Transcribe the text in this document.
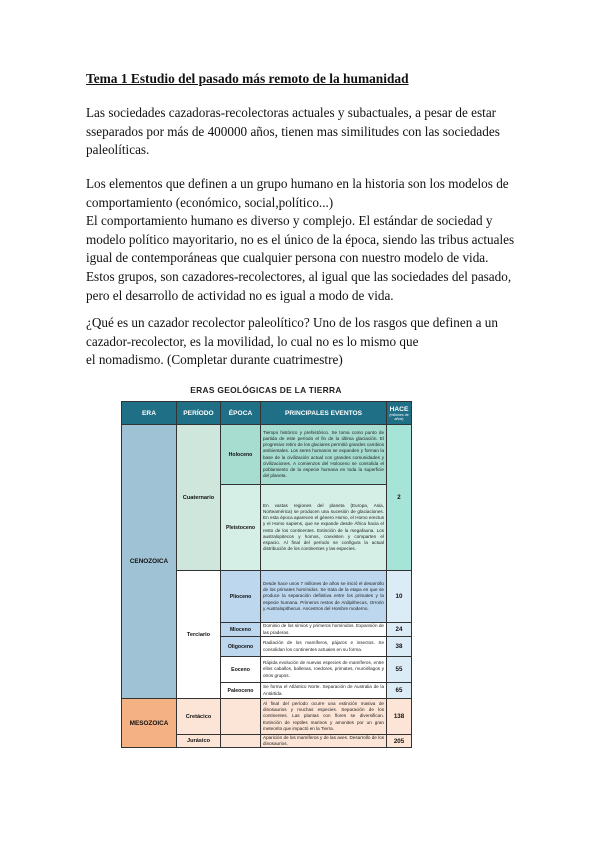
Tema 1 Estudio del pasado más remoto de la humanidad
Las sociedades cazadoras-recolectoras actuales y subactuales, a pesar de estar
sseparados por más de 400000 años, tienen mas similitudes con las sociedades
paleolíticas.
Los elementos que definen a un grupo humano en la historia son los modelos de
comportamiento (económico, social,político...)
El comportamiento humano es diverso y complejo. El estándar de sociedad y
modelo político mayoritario, no es el único de la época, siendo las tribus actuales
igual de contemporáneas que cualquier persona con nuestro modelo de vida.
Estos grupos, son cazadores-recolectores, al igual que las sociedades del pasado,
pero el desarrollo de actividad no es igual a modo de vida.
¿Qué es un cazador recolector paleolítico? Uno de los rasgos que definen a un
cazador-recolector, es la movilidad, lo cual no es lo mismo que
el nomadismo. (Completar durante cuatrimestre)
ERAS GEOLÓGICAS DE LA TIERRA
ERA	PERÍODO	ÉPOCA	PRINCIPALES EVENTOS	HACE
(millones de años)

CENOZOICA	Cuaternario	Holoceno	Tiempo histórico y prehistórico. Se toma como punto de partida de este período el fin de la última glaciación. El progresivo retiro de los glaciares permitió grandes cambios ambientales. Los seres humanos se expanden y forman la base de la civilización actual con grandes comunidades y civilizaciones. A comienzos del Holoceno se consolida el poblamiento de la especie humana en toda la superficie del planeta.	2
		Pleistoceno	En vastas regiones del planeta (Europa, Asia, Norteamérica) se producen una sucesión de glaciaciones. En esta época aparecen el género Homo, el Homo erectus y el Homo sapiens, que se expande desde África hacia el resto de los continentes. Extinción de la megafauna. Los australopitecos y homos, coexisten y comparten el espacio. Al final del período se configura la actual distribución de los continentes y las especies.	
	Terciario	Plioceno	Desde hace unos 7 millones de años se inició el desarrollo de los primates homínidos. Se trata de la etapa en que se produce la separación definitiva entre los primates y la especie humana. Primeros restos de Ardipithecus, Orrorin y Australopithecus. Ancestros del Hombre moderno.	10
		Mioceno	Dominio de los simios y primeros homínidos. Expansión de las praderas.	24
		Oligoceno	Radiación de los mamíferos, pájaros e insectos. Se consolidan los continentes actuales en su forma.	38
		Eoceno	Rápida evolución de nuevas especies de mamíferos, entre ellos caballos, ballenas, roedores, primates, murciélagos y otros grupos.	55
		Paleoceno	Se forma el Atlántico Norte. Separación de Australia de la Antártida.	65
MESOZOICA	Cretácico		Al final del período ocurre una extinción masiva de dinosaurios y muchas especies. Separación de los continentes. Las plantas con flores se diversifican. Extinción de reptiles marinos y amonites por un gran meteorito que impactó en la Tierra.	138
	Jurásico		Aparición de los mamíferos y de las aves. Desarrollo de los dinosaurios.	205
